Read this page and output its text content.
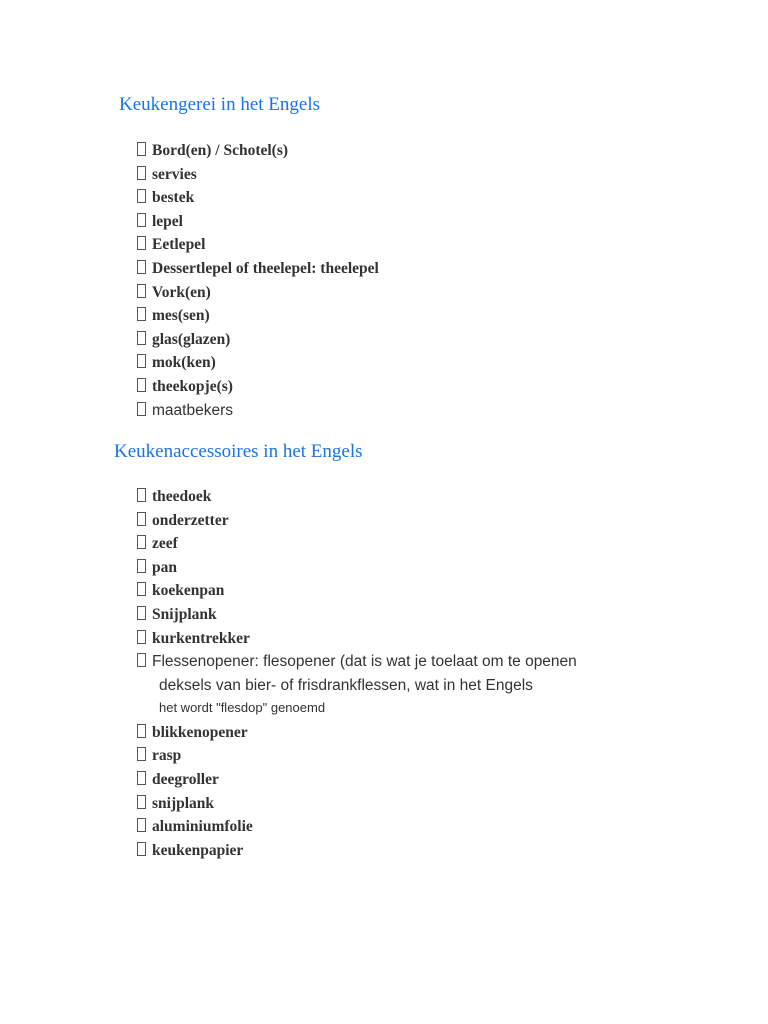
Keukengerei in het Engels
Bord(en) / Schotel(s)
servies
bestek
lepel
Eetlepel
Dessertlepel of theelepel: theelepel
Vork(en)
mes(sen)
glas(glazen)
mok(ken)
theekopje(s)
maatbekers
Keukenaccessoires in het Engels
theedoek
onderzetter
zeef
pan
koekenpan
Snijplank
kurkentrekker
Flessenopener: flesopener (dat is wat je toelaat om te openen
deksels van bier- of frisdrankflessen, wat in het Engels
het wordt "flesdop" genoemd
blikkenopener
rasp
deegroller
snijplank
aluminiumfolie
keukenpapier
